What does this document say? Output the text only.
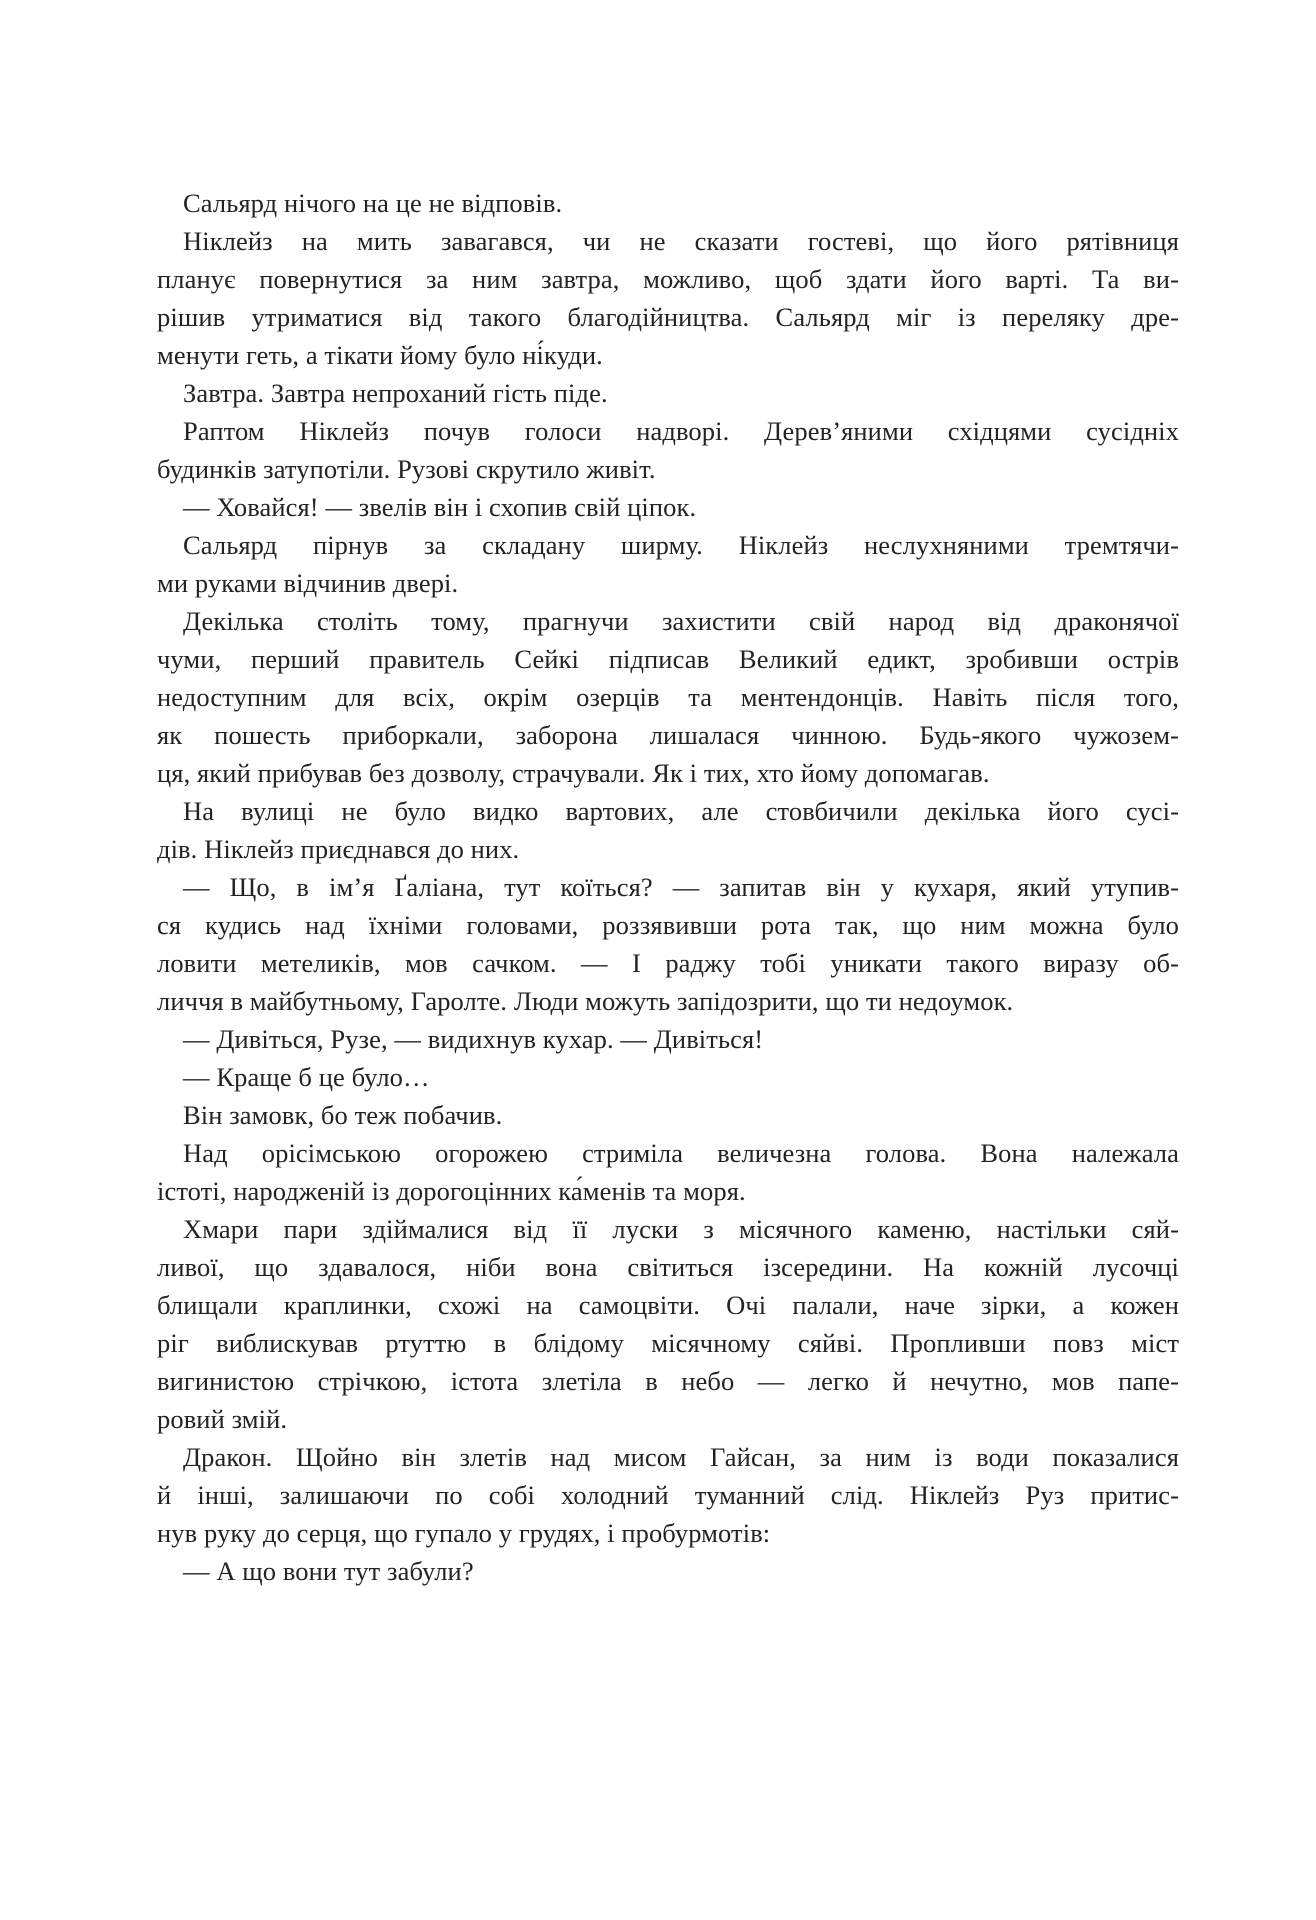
Сальярд нічого на це не відповів.
Ніклейз на мить завагався, чи не сказати гостеві, що його рятівниця
планує повернутися за ним завтра, можливо, щоб здати його варті. Та ви-
рішив утриматися від такого благодійництва. Сальярд міг із переляку дре-
менути геть, а тікати йому було ні́куди.
Завтра. Завтра непроханий гість піде.
Раптом Ніклейз почув голоси надворі. Дерев’яними східцями сусідніх
будинків затупотіли. Рузові скрутило живіт.
— Ховайся! — звелів він і схопив свій ціпок.
Сальярд пірнув за складану ширму. Ніклейз неслухняними тремтячи-
ми руками відчинив двері.
Декілька століть тому, прагнучи захистити свій народ від драконячої
чуми, перший правитель Сейкі підписав Великий едикт, зробивши острів
недоступним для всіх, окрім озерців та ментендонців. Навіть після того,
як пошесть приборкали, заборона лишалася чинною. Будь-якого чужозем-
ця, який прибував без дозволу, страчували. Як і тих, хто йому допомагав.
На вулиці не було видко вартових, але стовбичили декілька його сусі-
дів. Ніклейз приєднався до них.
— Що, в ім’я Ґаліана, тут коїться? — запитав він у кухаря, який утупив-
ся кудись над їхніми головами, роззявивши рота так, що ним можна було
ловити метеликів, мов сачком. — І раджу тобі уникати такого виразу об-
личчя в майбутньому, Гаролте. Люди можуть запідозрити, що ти недоумок.
— Дивіться, Рузе, — видихнув кухар. — Дивіться!
— Краще б це було…
Він замовк, бо теж побачив.
Над орісімською огорожею стриміла величезна голова. Вона належала
істоті, народженій із дорогоцінних ка́менів та моря.
Хмари пари здіймалися від її луски з місячного каменю, настільки сяй-
ливої, що здавалося, ніби вона світиться ізсередини. На кожній лусочці
блищали краплинки, схожі на самоцвіти. Очі палали, наче зірки, а кожен
ріг виблискував ртуттю в блідому місячному сяйві. Пропливши повз міст
вигинистою стрічкою, істота злетіла в небо — легко й нечутно, мов папе-
ровий змій.
Дракон. Щойно він злетів над мисом Гайсан, за ним із води показалися
й інші, залишаючи по собі холодний туманний слід. Ніклейз Руз притис-
нув руку до серця, що гупало у грудях, і пробурмотів:
— А що вони тут забули?
